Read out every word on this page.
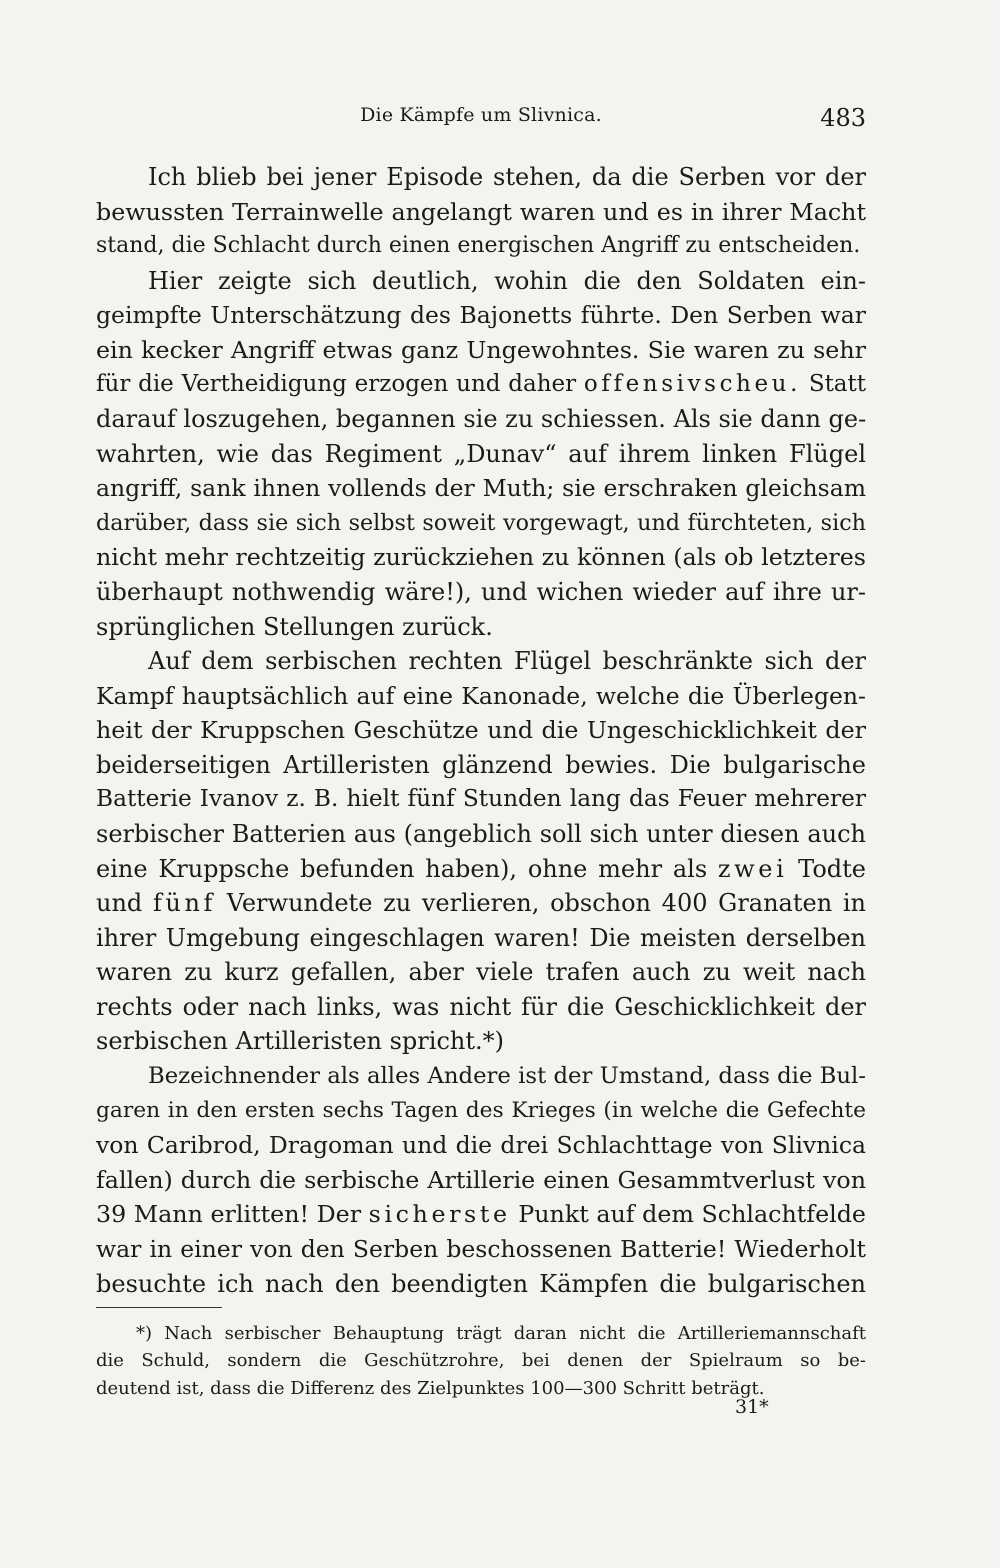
Die Kämpfe um Slivnica.	483
Ich blieb bei jener Episode stehen, da die Serben vor der
bewussten Terrainwelle angelangt waren und es in ihrer Macht
stand, die Schlacht durch einen energischen Angriff zu entscheiden.
Hier zeigte sich deutlich, wohin die den Soldaten ein-
geimpfte Unterschätzung des Bajonetts führte. Den Serben war
ein kecker Angriff etwas ganz Ungewohntes. Sie waren zu sehr
für die Vertheidigung erzogen und daher offensivscheu. Statt
darauf loszugehen, begannen sie zu schiessen. Als sie dann ge-
wahrten, wie das Regiment „Dunav“ auf ihrem linken Flügel
angriff, sank ihnen vollends der Muth; sie erschraken gleichsam
darüber, dass sie sich selbst soweit vorgewagt, und fürchteten, sich
nicht mehr rechtzeitig zurückziehen zu können (als ob letzteres
überhaupt nothwendig wäre!), und wichen wieder auf ihre ur-
sprünglichen Stellungen zurück.
Auf dem serbischen rechten Flügel beschränkte sich der
Kampf hauptsächlich auf eine Kanonade, welche die Überlegen-
heit der Kruppschen Geschütze und die Ungeschicklichkeit der
beiderseitigen Artilleristen glänzend bewies. Die bulgarische
Batterie Ivanov z. B. hielt fünf Stunden lang das Feuer mehrerer
serbischer Batterien aus (angeblich soll sich unter diesen auch
eine Kruppsche befunden haben), ohne mehr als zwei Todte
und fünf Verwundete zu verlieren, obschon 400 Granaten in
ihrer Umgebung eingeschlagen waren! Die meisten derselben
waren zu kurz gefallen, aber viele trafen auch zu weit nach
rechts oder nach links, was nicht für die Geschicklichkeit der
serbischen Artilleristen spricht.*)
Bezeichnender als alles Andere ist der Umstand, dass die Bul-
garen in den ersten sechs Tagen des Krieges (in welche die Gefechte
von Caribrod, Dragoman und die drei Schlachttage von Slivnica
fallen) durch die serbische Artillerie einen Gesammtverlust von
39 Mann erlitten! Der sicherste Punkt auf dem Schlachtfelde
war in einer von den Serben beschossenen Batterie! Wiederholt
besuchte ich nach den beendigten Kämpfen die bulgarischen
*) Nach serbischer Behauptung trägt daran nicht die Artilleriemannschaft
die Schuld, sondern die Geschützrohre, bei denen der Spielraum so be-
deutend ist, dass die Differenz des Zielpunktes 100—300 Schritt beträgt.
31*
